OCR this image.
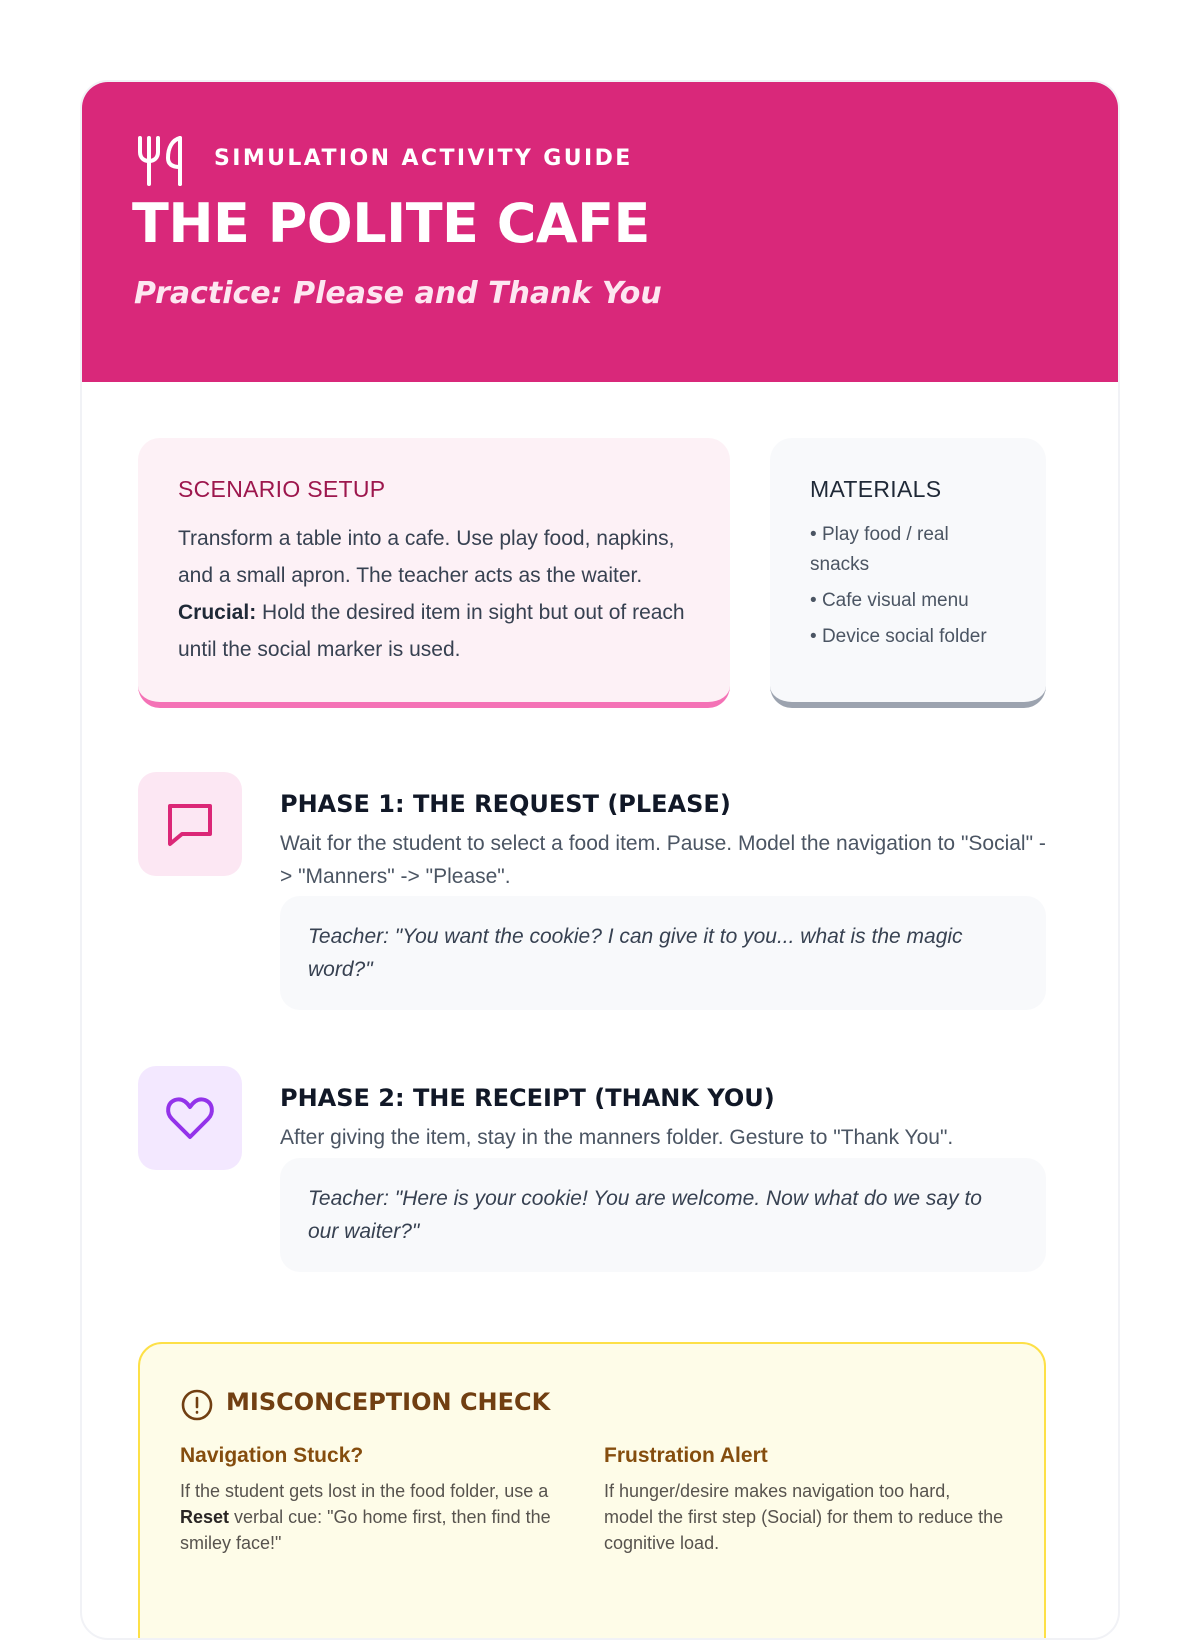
SIMULATION ACTIVITY GUIDE
THE POLITE CAFE
Practice: Please and Thank You
SCENARIO SETUP
Transform a table into a cafe. Use play food, napkins, and a small apron. The teacher acts as the waiter. Crucial: Hold the desired item in sight but out of reach until the social marker is used.
MATERIALS
• Play food / real snacks
• Cafe visual menu
• Device social folder
PHASE 1: THE REQUEST (PLEASE)
Wait for the student to select a food item. Pause. Model the navigation to "Social" -> "Manners" -> "Please".
Teacher: "You want the cookie? I can give it to you... what is the magic word?"
PHASE 2: THE RECEIPT (THANK YOU)
After giving the item, stay in the manners folder. Gesture to "Thank You".
Teacher: "Here is your cookie! You are welcome. Now what do we say to our waiter?"
MISCONCEPTION CHECK
Navigation Stuck?
If the student gets lost in the food folder, use a Reset verbal cue: "Go home first, then find the smiley face!"
Frustration Alert
If hunger/desire makes navigation too hard, model the first step (Social) for them to reduce the cognitive load.
